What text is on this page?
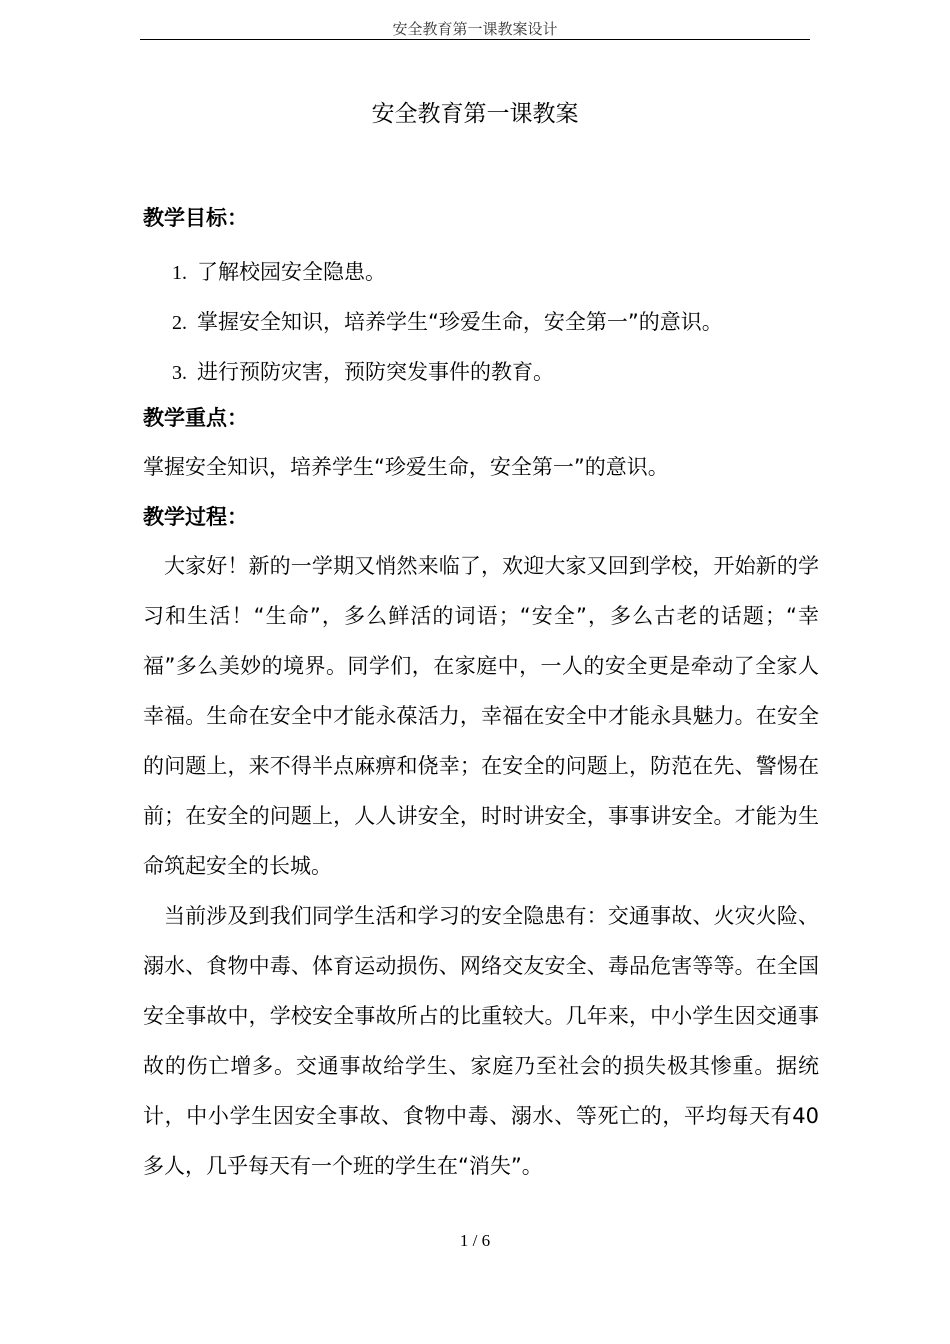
安全教育第一课教案设计
安全教育第一课教案
教学目标：
1. 了解校园安全隐患。
2. 掌握安全知识，培养学生“珍爱生命，安全第一”的意识。
3. 进行预防灾害，预防突发事件的教育。
教学重点：
掌握安全知识，培养学生“珍爱生命，安全第一”的意识。
教学过程：

大家好！新的一学期又悄然来临了，欢迎大家又回到学校，开始新的学习和生活！“生命”，多么鲜活的词语；“安全”，多么古老的话题；“幸福”多么美妙的境界。同学们，在家庭中，一人的安全更是牵动了全家人幸福。生命在安全中才能永葆活力，幸福在安全中才能永具魅力。在安全的问题上，来不得半点麻痹和侥幸；在安全的问题上，防范在先、警惕在前；在安全的问题上，人人讲安全，时时讲安全，事事讲安全。才能为生命筑起安全的长城。

当前涉及到我们同学生活和学习的安全隐患有：交通事故、火灾火险、溺水、食物中毒、体育运动损伤、网络交友安全、毒品危害等等。在全国安全事故中，学校安全事故所占的比重较大。几年来，中小学生因交通事故的伤亡增多。交通事故给学生、家庭乃至社会的损失极其惨重。据统计，中小学生因安全事故、食物中毒、溺水、等死亡的，平均每天有40多人，几乎每天有一个班的学生在“消失”。

1 / 6
